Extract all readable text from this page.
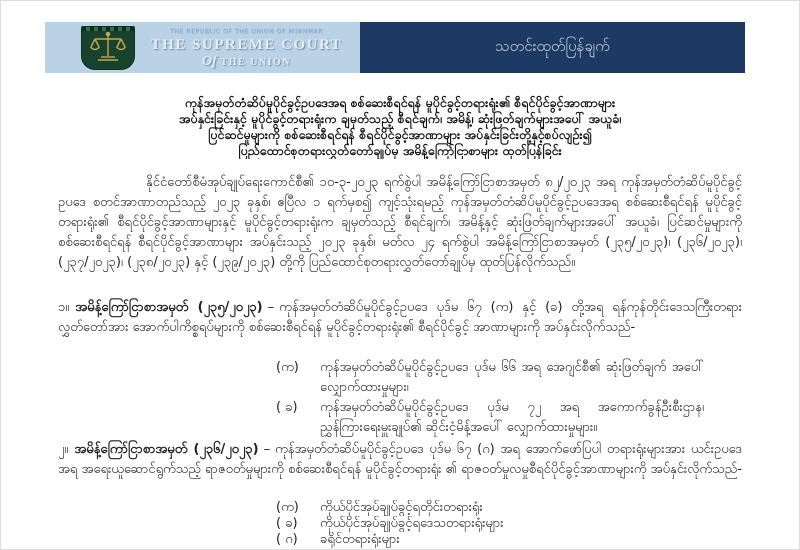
THE REPUBLIC OF THE UNION OF MYANMAR
THE SUPREME COURT
Of THE UNION
သတင်းထုတ်ပြန်ချက်
ကုန်အမှတ်တံဆိပ်မူပိုင်ခွင့်ဥပဒေအရ စစ်ဆေးစီရင်ရန် မူပိုင်ခွင့်တရားရုံး၏ စီရင်ပိုင်ခွင့်အာဏာများ
အပ်နှင်းခြင်းနှင့် မူပိုင်ခွင့်တရားရုံးက ချမှတ်သည့် စီရင်ချက်၊ အမိန့်၊ ဆုံးဖြတ်ချက်များအပေါ် အယူခံ၊
ပြင်ဆင်မှုများကို စစ်ဆေးစီရင်ရန် စီရင်ပိုင်ခွင့်အာဏာများ အပ်နှင်းခြင်းတို့နှင့်စပ်လျဉ်း၍
ပြည်ထောင်စုတရားလွှတ်တော်ချုပ်မှ အမိန့်ကြော်ငြာစာများ ထုတ်ပြန်ခြင်း

နိုင်ငံတော်စီမံအုပ်ချုပ်ရေးကောင်စီ၏ ၁၀-၃-၂၀၂၃ ရက်စွဲပါ အမိန့်ကြော်ငြာစာအမှတ် ၈၂/၂၀၂၃ အရ ကုန်အမှတ်တံဆိပ်မူပိုင်ခွင့်ဥပဒေ စတင်အာဏာတည်သည့် ၂၀၂၃ ခုနှစ်၊ ဧပြီလ ၁ ရက်မှစ၍ ကျင့်သုံးရမည့် ကုန်အမှတ်တံဆိပ်မူပိုင်ခွင့်ဥပဒေအရ စစ်ဆေးစီရင်ရန် မူပိုင်ခွင့်တရားရုံး၏ စီရင်ပိုင်ခွင့်အာဏာများနှင့် မူပိုင်ခွင့်တရားရုံးက ချမှတ်သည့် စီရင်ချက်၊ အမိန့်နှင့် ဆုံးဖြတ်ချက်များအပေါ် အယူခံ၊ ပြင်ဆင်မှုများကို စစ်ဆေးစီရင်ရန် စီရင်ပိုင်ခွင့်အာဏာများ အပ်နှင်းသည့် ၂၀၂၃ ခုနှစ်၊ မတ်လ ၂၄ ရက်စွဲပါ အမိန့်ကြော်ငြာစာအမှတ် (၂၃၅/၂၀၂၃)၊ (၂၃၆/၂၀၂၃)၊ (၂၃၇/၂၀၂၃)၊ (၂၃၈/၂၀၂၃) နှင့် (၂၃၉/၂၀၂၃) တို့ကို ပြည်ထောင်စုတရားလွှတ်တော်ချုပ်မှ ထုတ်ပြန်လိုက်သည်။

၁။ အမိန့်ကြော်ငြာစာအမှတ် (၂၃၅/၂၀၂၃) – ကုန်အမှတ်တံဆိပ်မူပိုင်ခွင့်ဥပဒေ ပုဒ်မ ၆၇ (က) နှင့် (ခ) တို့အရ ရန်ကုန်တိုင်းဒေသကြီးတရားလွှတ်တော်အား အောက်ပါကိစ္စရပ်များကို စစ်ဆေးစီရင်ရန် မူပိုင်ခွင့်တရားရုံး၏ စီရင်ပိုင်ခွင့် အာဏာများကို အပ်နှင်းလိုက်သည်-
(က)	ကုန်အမှတ်တံဆိပ်မူပိုင်ခွင့်ဥပဒေ ပုဒ်မ ၆၆ အရ အေဂျင်စီ၏ ဆုံးဖြတ်ချက် အပေါ် လျှောက်ထားမှုများ၊
( ခ)	ကုန်အမှတ်တံဆိပ်မူပိုင်ခွင့်ဥပဒေ ပုဒ်မ ၇၂ အရ အကောက်ခွန်ဦးစီးဌာန၊ ညွှန်ကြားရေးမှူးချုပ်၏ ဆိုင်းငံ့မိန့်အပေါ် လျှောက်ထားမှုများ။
၂။ အမိန့်ကြော်ငြာစာအမှတ် (၂၃၆/၂၀၂၃) – ကုန်အမှတ်တံဆိပ်မူပိုင်ခွင့်ဥပဒေ ပုဒ်မ ၆၇ (ဂ) အရ အောက်ဖော်ပြပါ တရားရုံးများအား ယင်းဥပဒေအရ အရေးယူဆောင်ရွက်သည့် ရာဇဝတ်မှုများကို စစ်ဆေးစီရင်ရန် မူပိုင်ခွင့်တရားရုံး ၏ ရာဇဝတ်မှုလမှုစီရင်ပိုင်ခွင့်အာဏာများကို အပ်နှင်းလိုက်သည်-
(က)	ကိုယ်ပိုင်အုပ်ချုပ်ခွင့်ရတိုင်းတရားရုံး
( ခ)	ကိုယ်ပိုင်အုပ်ချုပ်ခွင့်ရဒေသတရားရုံးများ
( ဂ)	ခရိုင်တရားရုံးများ
